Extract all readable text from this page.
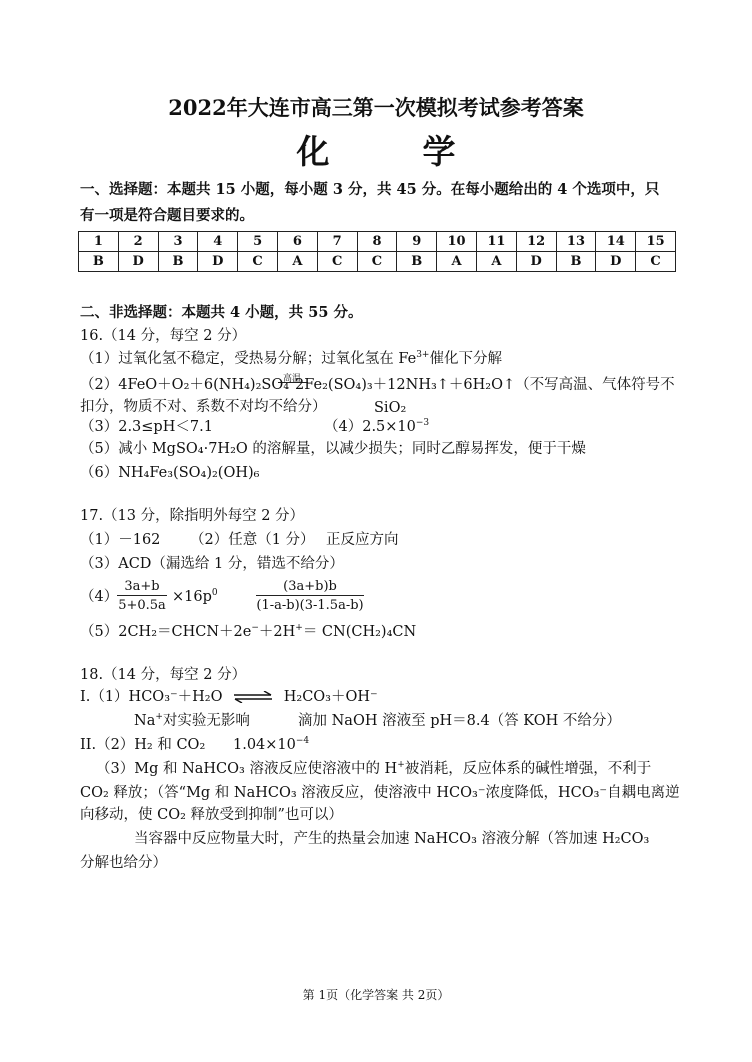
2022年大连市高三第一次模拟考试参考答案
化　学
一、选择题：本题共 15 小题，每小题 3 分，共 45 分。在每小题给出的 4 个选项中，只
有一项是符合题目要求的。
1	2	3	4	5	6	7	8	9	10	11	12	13	14	15
B	D	B	D	C	A	C	C	B	A	A	D	B	D	C
二、非选择题：本题共 4 小题，共 55 分。
16.（14 分，每空 2 分）
（1）过氧化氢不稳定，受热易分解；过氧化氢在 $Fe^{3+}$催化下分解
高温
（2）4FeO＋O₂＋6(NH₄)₂SO₄ 2Fe₂(SO₄)₃＋12NH₃↑＋6H₂O↑（不写高温、气体符号不
扣分，物质不对、系数不对均不给分）	SiO₂
（3）2.3≤pH＜7.1	$(4)2.5\times 10^{-3}$
（5）减小 MgSO₄·7H₂O 的溶解量，以减少损失；同时乙醇易挥发，便于干燥
（6）NH₄Fe₃(SO₄)₂(OH)₆
17.（13 分，除指明外每空 2 分）
（1）－162 （2）任意（1 分） 正反应方向
（3）ACD（漏选给 1 分，错选不给分）
（4）
$\frac{3a+b}{5+0.5a} \times 16p^0$	$\frac{(3a+b)b}{(1-a-b)(3-1.5a-b)}$
（5）2CH₂＝CHCN＋2e−＋2H+＝ CN(CH₂)₄CN
18.（14 分，每空 2 分）
I.（1）HCO₃⁻＋H₂O ⇌ H₂CO₃＋OH⁻
Na+对实验无影响	滴加 NaOH 溶液至 pH＝8.4（答 KOH 不给分）
II.（2）H₂ 和 CO₂ $1.04\times 10^{-4}$
（3）Mg 和 NaHCO₃ 溶液反应使溶液中的 H+被消耗，反应体系的碱性增强，不利于
CO₂ 释放；（答“Mg 和 NaHCO₃ 溶液反应，使溶液中 HCO₃⁻浓度降低，HCO₃⁻自耦电离逆
向移动，使 CO₂ 释放受到抑制”也可以）
当容器中反应物量大时，产生的热量会加速 NaHCO₃ 溶液分解（答加速 H₂CO₃
分解也给分）
第 1页（化学答案 共 2页）
